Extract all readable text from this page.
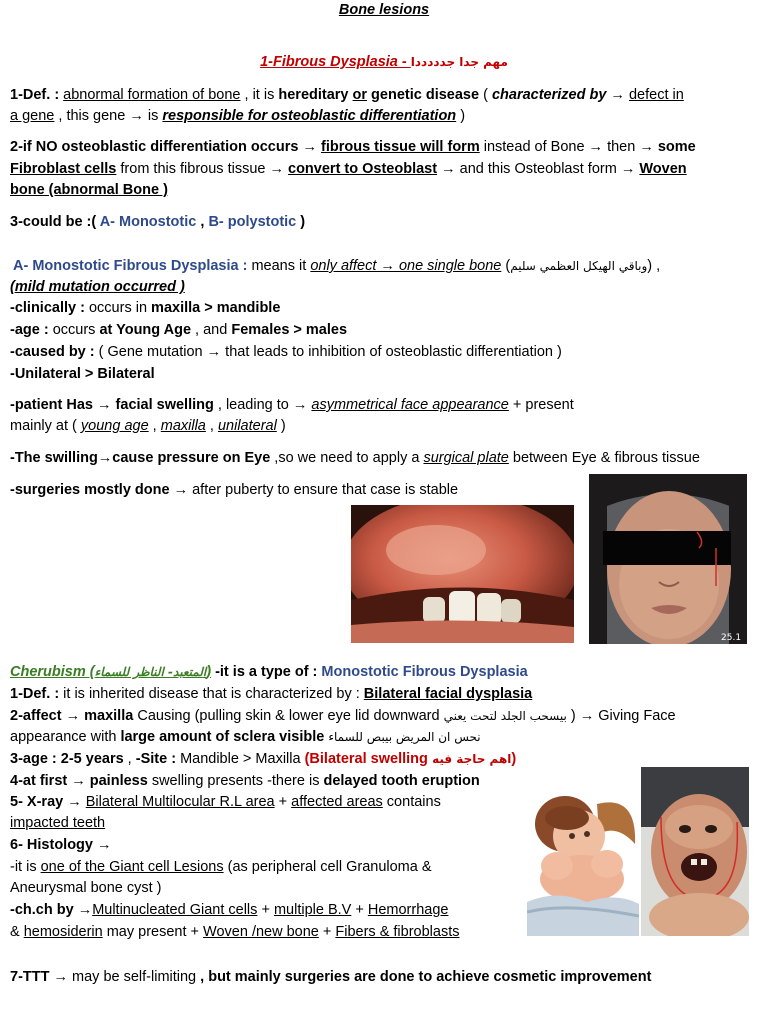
Bone lesions
1-Fibrous Dysplasia - مهم جدا جدددددا
1-Def. : abnormal formation of bone , it is hereditary or genetic disease ( characterized by → defect in
a gene , this gene → is responsible for osteoblastic differentiation )
2-if NO osteoblastic differentiation occurs → fibrous tissue will form instead of Bone → then → some
Fibroblast cells from this fibrous tissue → convert to Osteoblast → and this Osteoblast form → Woven
bone (abnormal Bone )
3-could be :( A- Monostotic , B- polystotic )
A- Monostotic Fibrous Dysplasia : means it only affect → one single bone (وباقي الهيكل العظمي سليم) ,
(mild mutation occurred )
-clinically : occurs in maxilla > mandible
-age : occurs at Young Age , and Females > males
-caused by : ( Gene mutation → that leads to inhibition of osteoblastic differentiation )
-Unilateral > Bilateral
-patient Has → facial swelling , leading to → asymmetrical face appearance + present
mainly at ( young age , maxilla , unilateral )
-The swilling→cause pressure on Eye ,so we need to apply a surgical plate between Eye & fibrous tissue
-surgeries mostly done → after puberty to ensure that case is stable
25.1
Cherubism (المتعبد- الناظر للسماء) -it is a type of : Monostotic Fibrous Dysplasia
1-Def. : it is inherited disease that is characterized by : Bilateral facial dysplasia
2-affect → maxilla Causing (pulling skin & lower eye lid downward بيسحب الجلد لتحت يعني ) → Giving Face
appearance with large amount of sclera visible نحس ان المريض بيبص للسماء
3-age : 2-5 years , -Site : Mandible > Maxilla (Bilateral swelling اهم حاجة فيه)
4-at first → painless swelling presents -there is delayed tooth eruption
5- X-ray → Bilateral Multilocular R.L area + affected areas contains
impacted teeth
6- Histology →
-it is one of the Giant cell Lesions (as peripheral cell Granuloma &
Aneurysmal bone cyst )
-ch.ch by →Multinucleated Giant cells + multiple B.V + Hemorrhage
& hemosiderin may present + Woven /new bone + Fibers & fibroblasts
7-TTT → may be self-limiting , but mainly surgeries are done to achieve cosmetic improvement
